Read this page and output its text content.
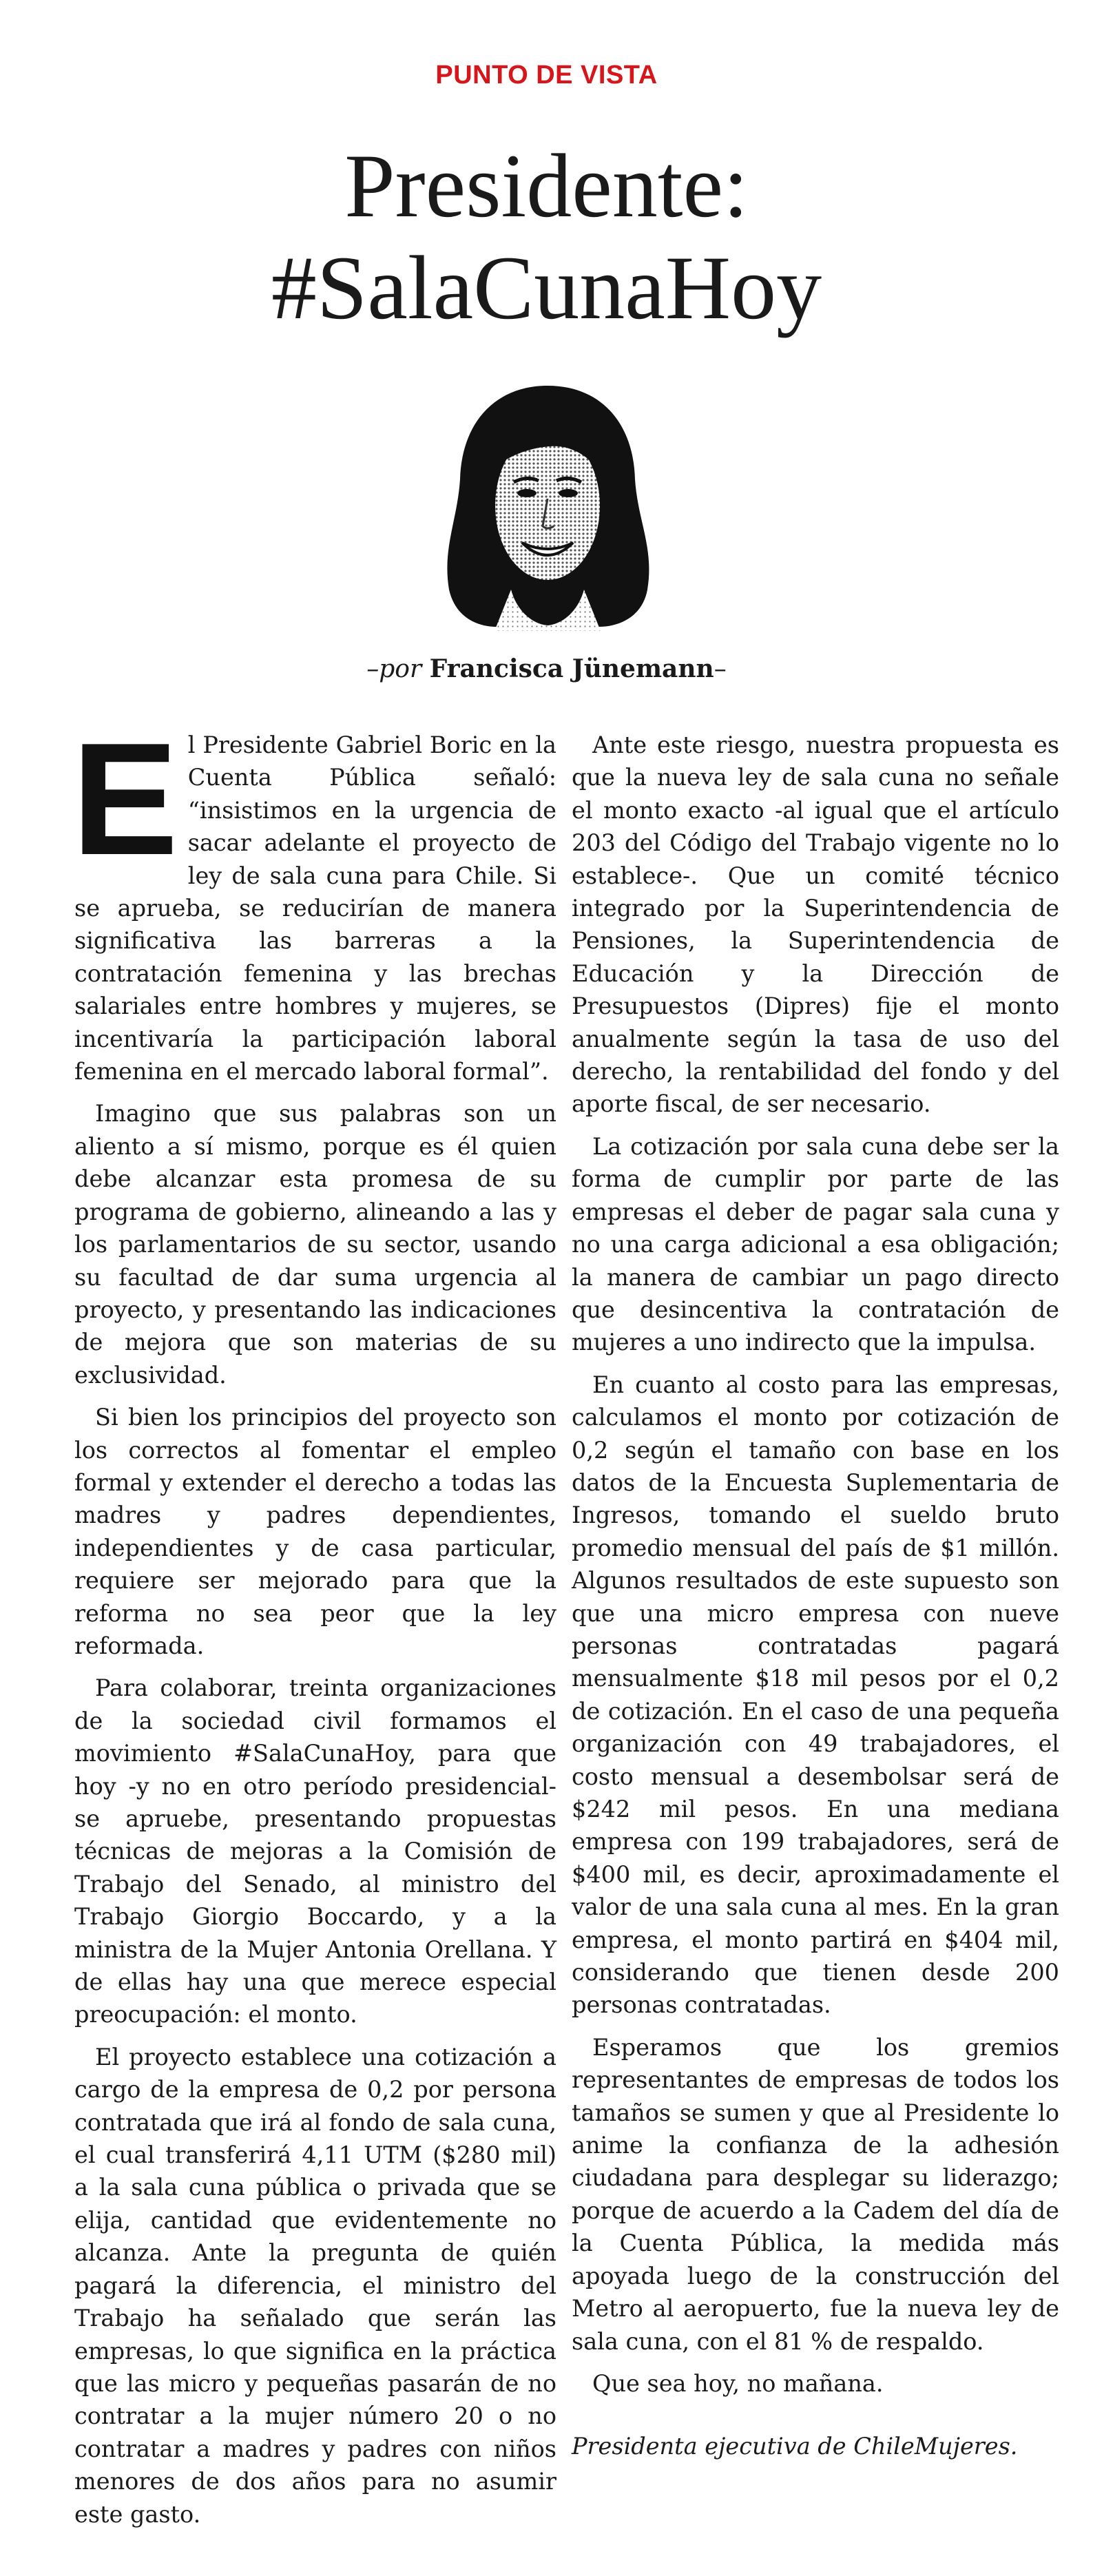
PUNTO DE VISTA
Presidente:
#SalaCunaHoy
–por Francisca Jünemann–

El Presidente Gabriel Boric en la Cuenta Pública señaló: “insistimos en la urgencia de sacar adelante el proyecto de ley de sala cuna para Chile. Si se aprueba, se reducirían de manera significativa las barreras a la contratación femenina y las brechas salariales entre hombres y mujeres, se incentivaría la participación laboral femenina en el mercado laboral formal”.

Imagino que sus palabras son un aliento a sí mismo, porque es él quien debe alcanzar esta promesa de su programa de gobierno, alineando a las y los parlamentarios de su sector, usando su facultad de dar suma urgencia al proyecto, y presentando las indicaciones de mejora que son materias de su exclusividad.

Si bien los principios del proyecto son los correctos al fomentar el empleo formal y extender el derecho a todas las madres y padres dependientes, independientes y de casa particular, requiere ser mejorado para que la reforma no sea peor que la ley reformada.

Para colaborar, treinta organizaciones de la sociedad civil formamos el movimiento #SalaCunaHoy, para que hoy -y no en otro período presidencial- se apruebe, presentando propuestas técnicas de mejoras a la Comisión de Trabajo del Senado, al ministro del Trabajo Giorgio Boccardo, y a la ministra de la Mujer Antonia Orellana. Y de ellas hay una que merece especial preocupación: el monto.

El proyecto establece una cotización a cargo de la empresa de 0,2 por persona contratada que irá al fondo de sala cuna, el cual transferirá 4,11 UTM ($280 mil) a la sala cuna pública o privada que se elija, cantidad que evidentemente no alcanza. Ante la pregunta de quién pagará la diferencia, el ministro del Trabajo ha señalado que serán las empresas, lo que significa en la práctica que las micro y pequeñas pasarán de no contratar a la mujer número 20 o no contratar a madres y padres con niños menores de dos años para no asumir este gasto.

Ante este riesgo, nuestra propuesta es que la nueva ley de sala cuna no señale el monto exacto -al igual que el artículo 203 del Código del Trabajo vigente no lo establece-. Que un comité técnico integrado por la Superintendencia de Pensiones, la Superintendencia de Educación y la Dirección de Presupuestos (Dipres) fije el monto anualmente según la tasa de uso del derecho, la rentabilidad del fondo y del aporte fiscal, de ser necesario.

La cotización por sala cuna debe ser la forma de cumplir por parte de las empresas el deber de pagar sala cuna y no una carga adicional a esa obligación; la manera de cambiar un pago directo que desincentiva la contratación de mujeres a uno indirecto que la impulsa.

En cuanto al costo para las empresas, calculamos el monto por cotización de 0,2 según el tamaño con base en los datos de la Encuesta Suplementaria de Ingresos, tomando el sueldo bruto promedio mensual del país de $1 millón. Algunos resultados de este supuesto son que una micro empresa con nueve personas contratadas pagará mensualmente $18 mil pesos por el 0,2 de cotización. En el caso de una pequeña organización con 49 trabajadores, el costo mensual a desembolsar será de $242 mil pesos. En una mediana empresa con 199 trabajadores, será de $400 mil, es decir, aproximadamente el valor de una sala cuna al mes. En la gran empresa, el monto partirá en $404 mil, considerando que tienen desde 200 personas contratadas.

Esperamos que los gremios representantes de empresas de todos los tamaños se sumen y que al Presidente lo anime la confianza de la adhesión ciudadana para desplegar su liderazgo; porque de acuerdo a la Cadem del día de la Cuenta Pública, la medida más apoyada luego de la construcción del Metro al aeropuerto, fue la nueva ley de sala cuna, con el 81 % de respaldo.

Que sea hoy, no mañana.

Presidenta ejecutiva de ChileMujeres.
